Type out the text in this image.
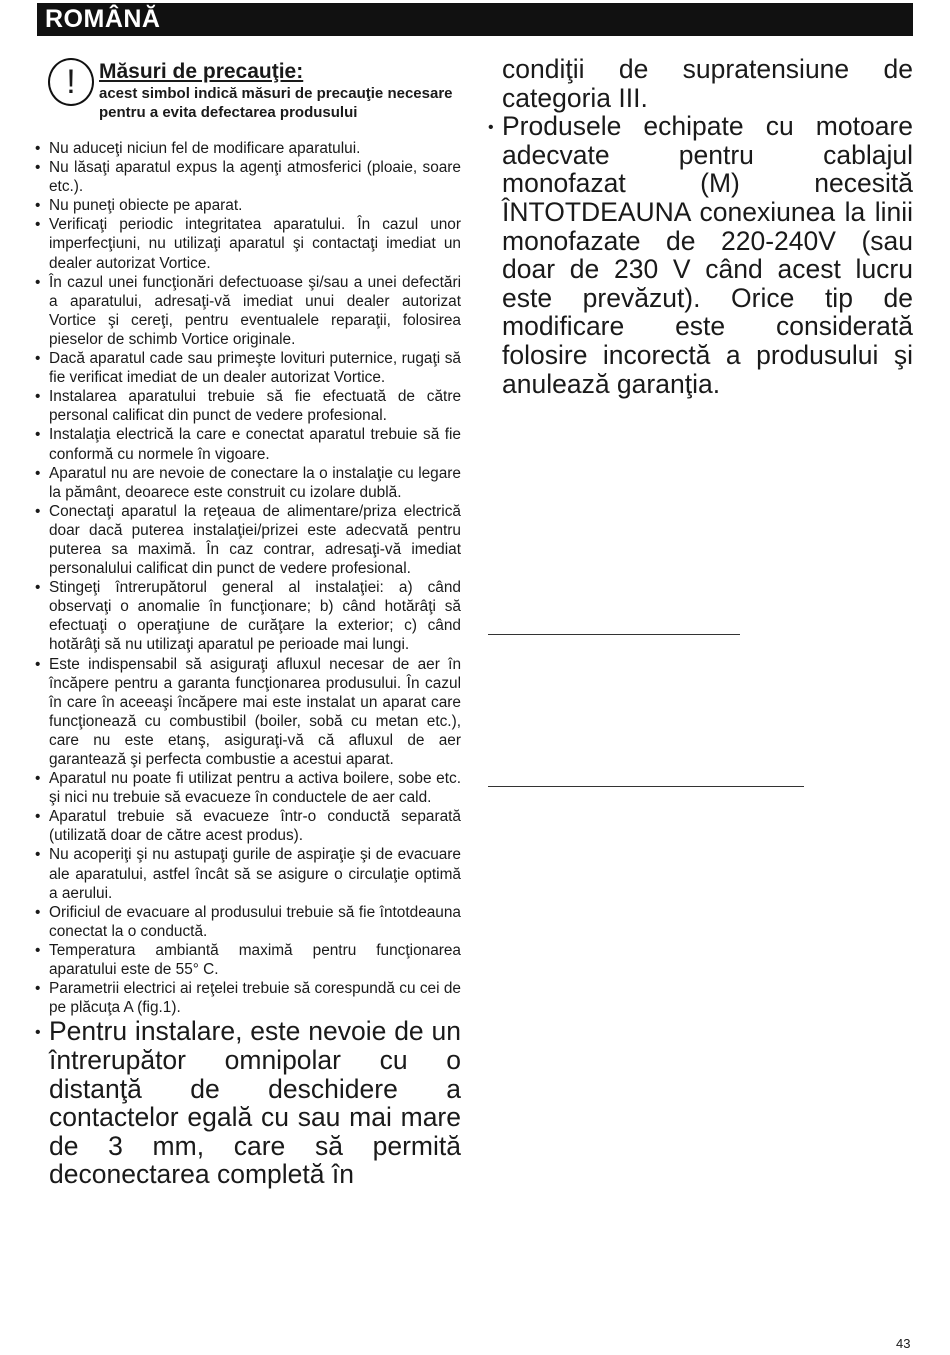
ROMÂNĂ
!	Măsuri de precauţie:
acest simbol indică măsuri de precauţie necesare pentru a evita defectarea produsului
• Nu aduceţi niciun fel de modificare aparatului.
• Nu lăsaţi aparatul expus la agenţi atmosferici (ploaie, soare etc.).
• Nu puneţi obiecte pe aparat.
• Verificaţi periodic integritatea aparatului. În cazul unor imperfecţiuni, nu utilizaţi aparatul şi contactaţi imediat un dealer autorizat Vortice.
• În cazul unei funcţionări defectuoase şi/sau a unei defectări a aparatului, adresaţi-vă imediat unui dealer autorizat Vortice şi cereţi, pentru eventualele reparaţii, folosirea pieselor de schimb Vortice originale.
• Dacă aparatul cade sau primeşte lovituri puternice, rugaţi să fie verificat imediat de un dealer autorizat Vortice.
• Instalarea aparatului trebuie să fie efectuată de către personal calificat din punct de vedere profesional.
• Instalaţia electrică la care e conectat aparatul trebuie să fie conformă cu normele în vigoare.
• Aparatul nu are nevoie de conectare la o instalaţie cu legare la pământ, deoarece este construit cu izolare dublă.
• Conectaţi aparatul la reţeaua de alimentare/priza electrică doar dacă puterea instalaţiei/prizei este adecvată pentru puterea sa maximă. În caz contrar, adresaţi-vă imediat personalului calificat din punct de vedere profesional.
• Stingeţi întrerupătorul general al instalaţiei: a) când observaţi o anomalie în funcţionare; b) când hotărâţi să efectuaţi o operaţiune de curăţare la exterior; c) când hotărâţi să nu utilizaţi aparatul pe perioade mai lungi.
• Este indispensabil să asiguraţi afluxul necesar de aer în încăpere pentru a garanta funcţionarea produsului. În cazul în care în aceeaşi încăpere mai este instalat un aparat care funcţionează cu combustibil (boiler, sobă cu metan etc.), care nu este etanş, asiguraţi-vă că afluxul de aer garantează şi perfecta combustie a acestui aparat.
• Aparatul nu poate fi utilizat pentru a activa boilere, sobe etc. şi nici nu trebuie să evacueze în conductele de aer cald.
• Aparatul trebuie să evacueze într-o conductă separată (utilizată doar de către acest produs).
• Nu acoperiţi şi nu astupaţi gurile de aspiraţie şi de evacuare ale aparatului, astfel încât să se asigure o circulaţie optimă a aerului.
• Orificiul de evacuare al produsului trebuie să fie întotdeauna conectat la o conductă.
• Temperatura ambiantă maximă pentru funcţionarea aparatului este de 55° C.
• Parametrii electrici ai reţelei trebuie să corespundă cu cei de pe plăcuţa A (fig.1).
• Pentru instalare, este nevoie de un întrerupător omnipolar cu o distanţă de deschidere a contactelor egală cu sau mai mare de 3 mm, care să permită deconectarea completă în
condiţii de supratensiune de categoria III.
• Produsele echipate cu motoare adecvate pentru cablajul monofazat (M) necesită ÎNTOTDEAUNA conexiunea la linii monofazate de 220-240V (sau doar de 230 V când acest lucru este prevăzut). Orice tip de modificare este considerată folosire incorectă a produsului şi anulează garanţia.
43
